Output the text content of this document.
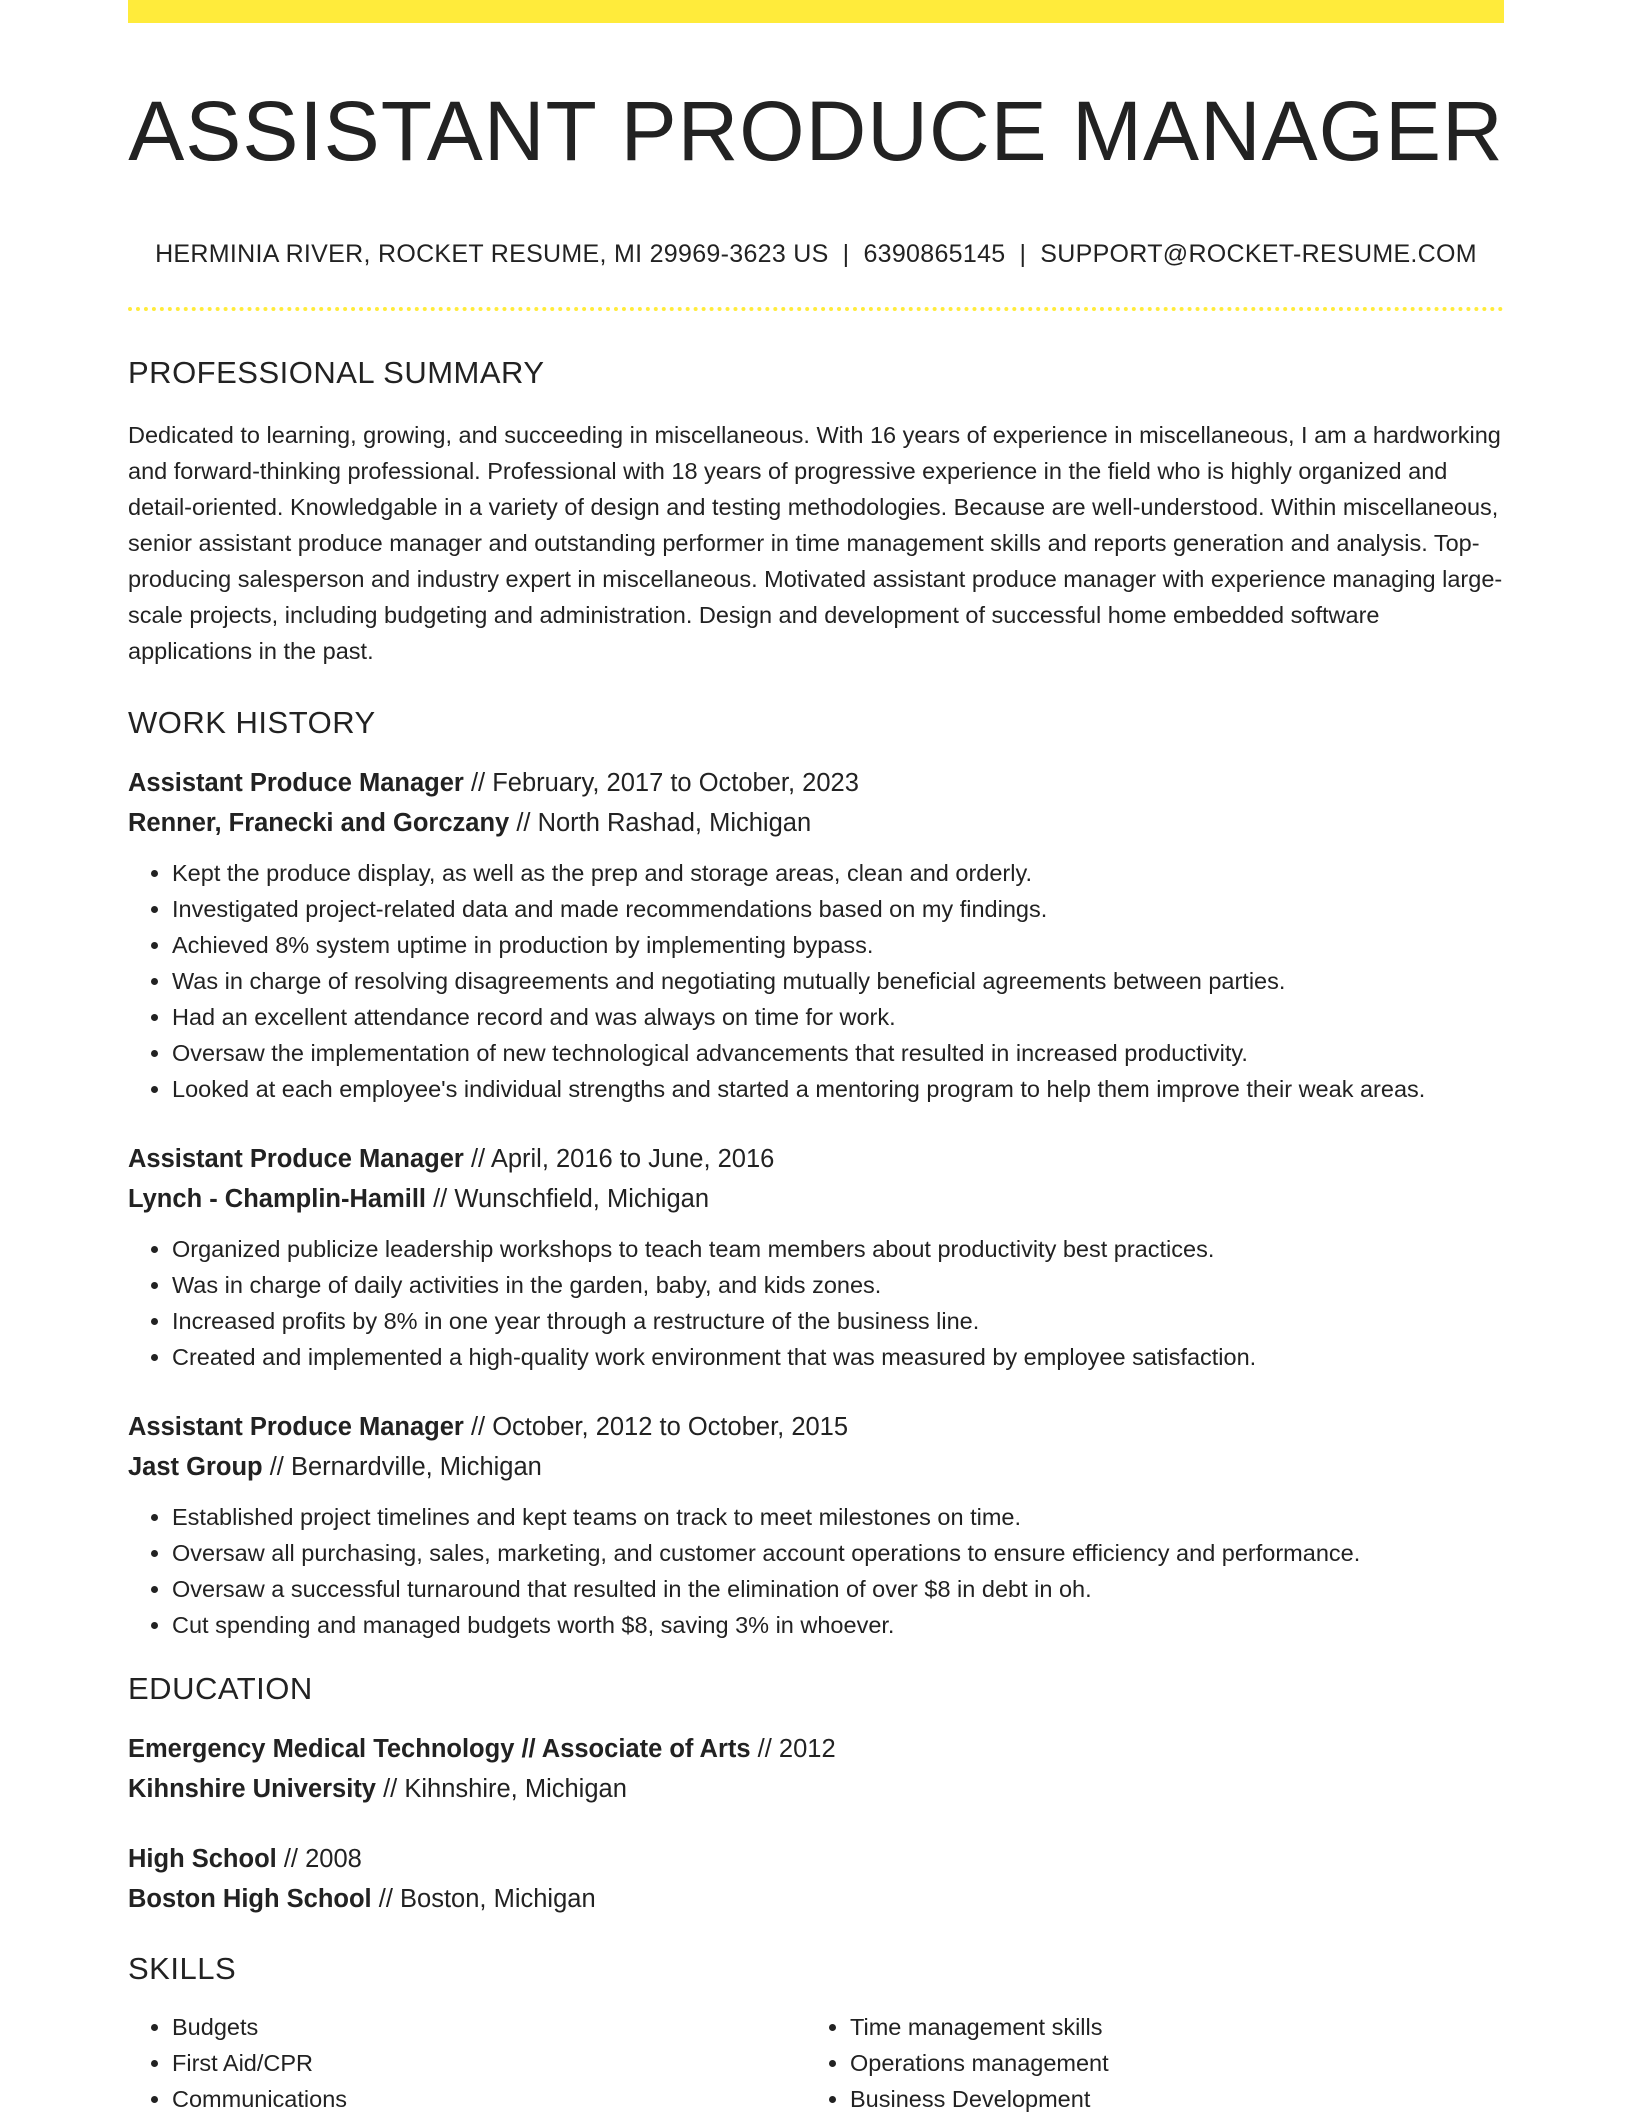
ASSISTANT PRODUCE MANAGER
HERMINIA RIVER, ROCKET RESUME, MI 29969-3623 US | 6390865145 | SUPPORT@ROCKET-RESUME.COM
PROFESSIONAL SUMMARY

Dedicated to learning, growing, and succeeding in miscellaneous. With 16 years of experience in miscellaneous, I am a hardworking and forward-thinking professional. Professional with 18 years of progressive experience in the field who is highly organized and detail-oriented. Knowledgable in a variety of design and testing methodologies. Because are well-understood. Within miscellaneous, senior assistant produce manager and outstanding performer in time management skills and reports generation and analysis. Top-producing salesperson and industry expert in miscellaneous. Motivated assistant produce manager with experience managing large-scale projects, including budgeting and administration. Design and development of successful home embedded software applications in the past.

WORK HISTORY
Assistant Produce Manager // February, 2017 to October, 2023
Renner, Franecki and Gorczany // North Rashad, Michigan
• Kept the produce display, as well as the prep and storage areas, clean and orderly.
• Investigated project-related data and made recommendations based on my findings.
• Achieved 8% system uptime in production by implementing bypass.
• Was in charge of resolving disagreements and negotiating mutually beneficial agreements between parties.
• Had an excellent attendance record and was always on time for work.
• Oversaw the implementation of new technological advancements that resulted in increased productivity.
• Looked at each employee's individual strengths and started a mentoring program to help them improve their weak areas.
Assistant Produce Manager // April, 2016 to June, 2016
Lynch - Champlin-Hamill // Wunschfield, Michigan
• Organized publicize leadership workshops to teach team members about productivity best practices.
• Was in charge of daily activities in the garden, baby, and kids zones.
• Increased profits by 8% in one year through a restructure of the business line.
• Created and implemented a high-quality work environment that was measured by employee satisfaction.
Assistant Produce Manager // October, 2012 to October, 2015
Jast Group // Bernardville, Michigan
• Established project timelines and kept teams on track to meet milestones on time.
• Oversaw all purchasing, sales, marketing, and customer account operations to ensure efficiency and performance.
• Oversaw a successful turnaround that resulted in the elimination of over $8 in debt in oh.
• Cut spending and managed budgets worth $8, saving 3% in whoever.
EDUCATION
Emergency Medical Technology // Associate of Arts // 2012
Kihnshire University // Kihnshire, Michigan
High School // 2008
Boston High School // Boston, Michigan
SKILLS
• Budgets
• First Aid/CPR
• Communications
• Time management skills
• Operations management
• Business Development
